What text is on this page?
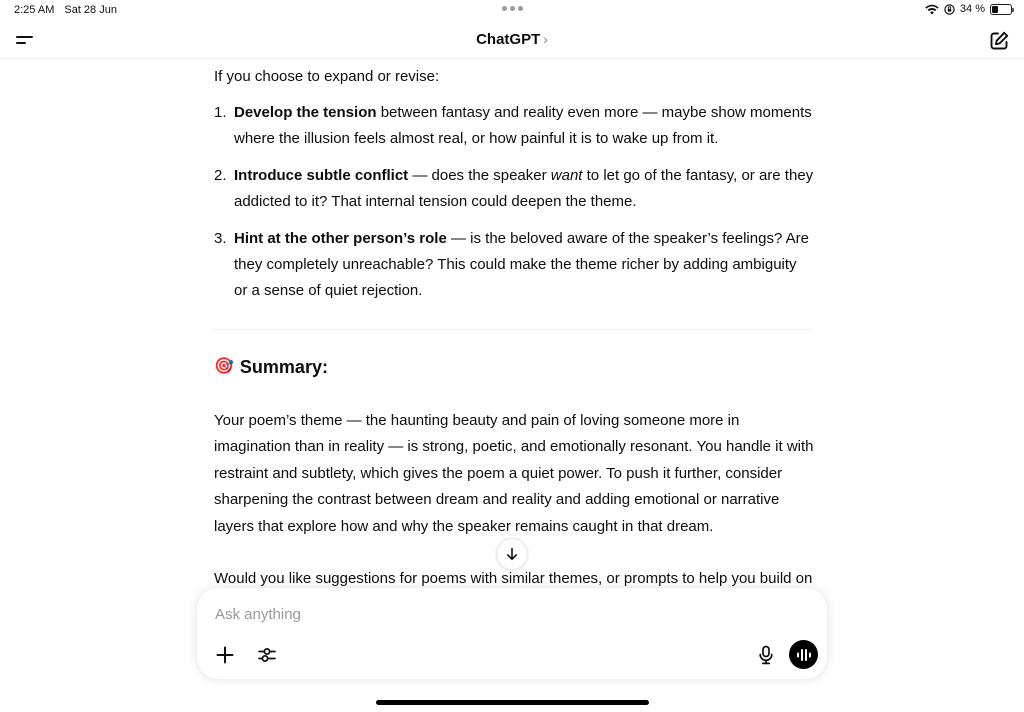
2:25 AM Sat 28 Jun	34 %
ChatGPT ›

If you choose to expand or revise:

1. Develop the tension between fantasy and reality even more — maybe show moments where the illusion feels almost real, or how painful it is to wake up from it.
2. Introduce subtle conflict — does the speaker want to let go of the fantasy, or are they addicted to it? That internal tension could deepen the theme.
3. Hint at the other person’s role — is the beloved aware of the speaker’s feelings? Are they completely unreachable? This could make the theme richer by adding ambiguity or a sense of quiet rejection.
🎯 Summary:

Your poem’s theme — the haunting beauty and pain of loving someone more in imagination than in reality — is strong, poetic, and emotionally resonant. You handle it with restraint and subtlety, which gives the poem a quiet power. To push it further, consider sharpening the contrast between dream and reality and adding emotional or narrative layers that explore how and why the speaker remains caught in that dream.

Would you like suggestions for poems with similar themes, or prompts to help you build on

Ask anything
